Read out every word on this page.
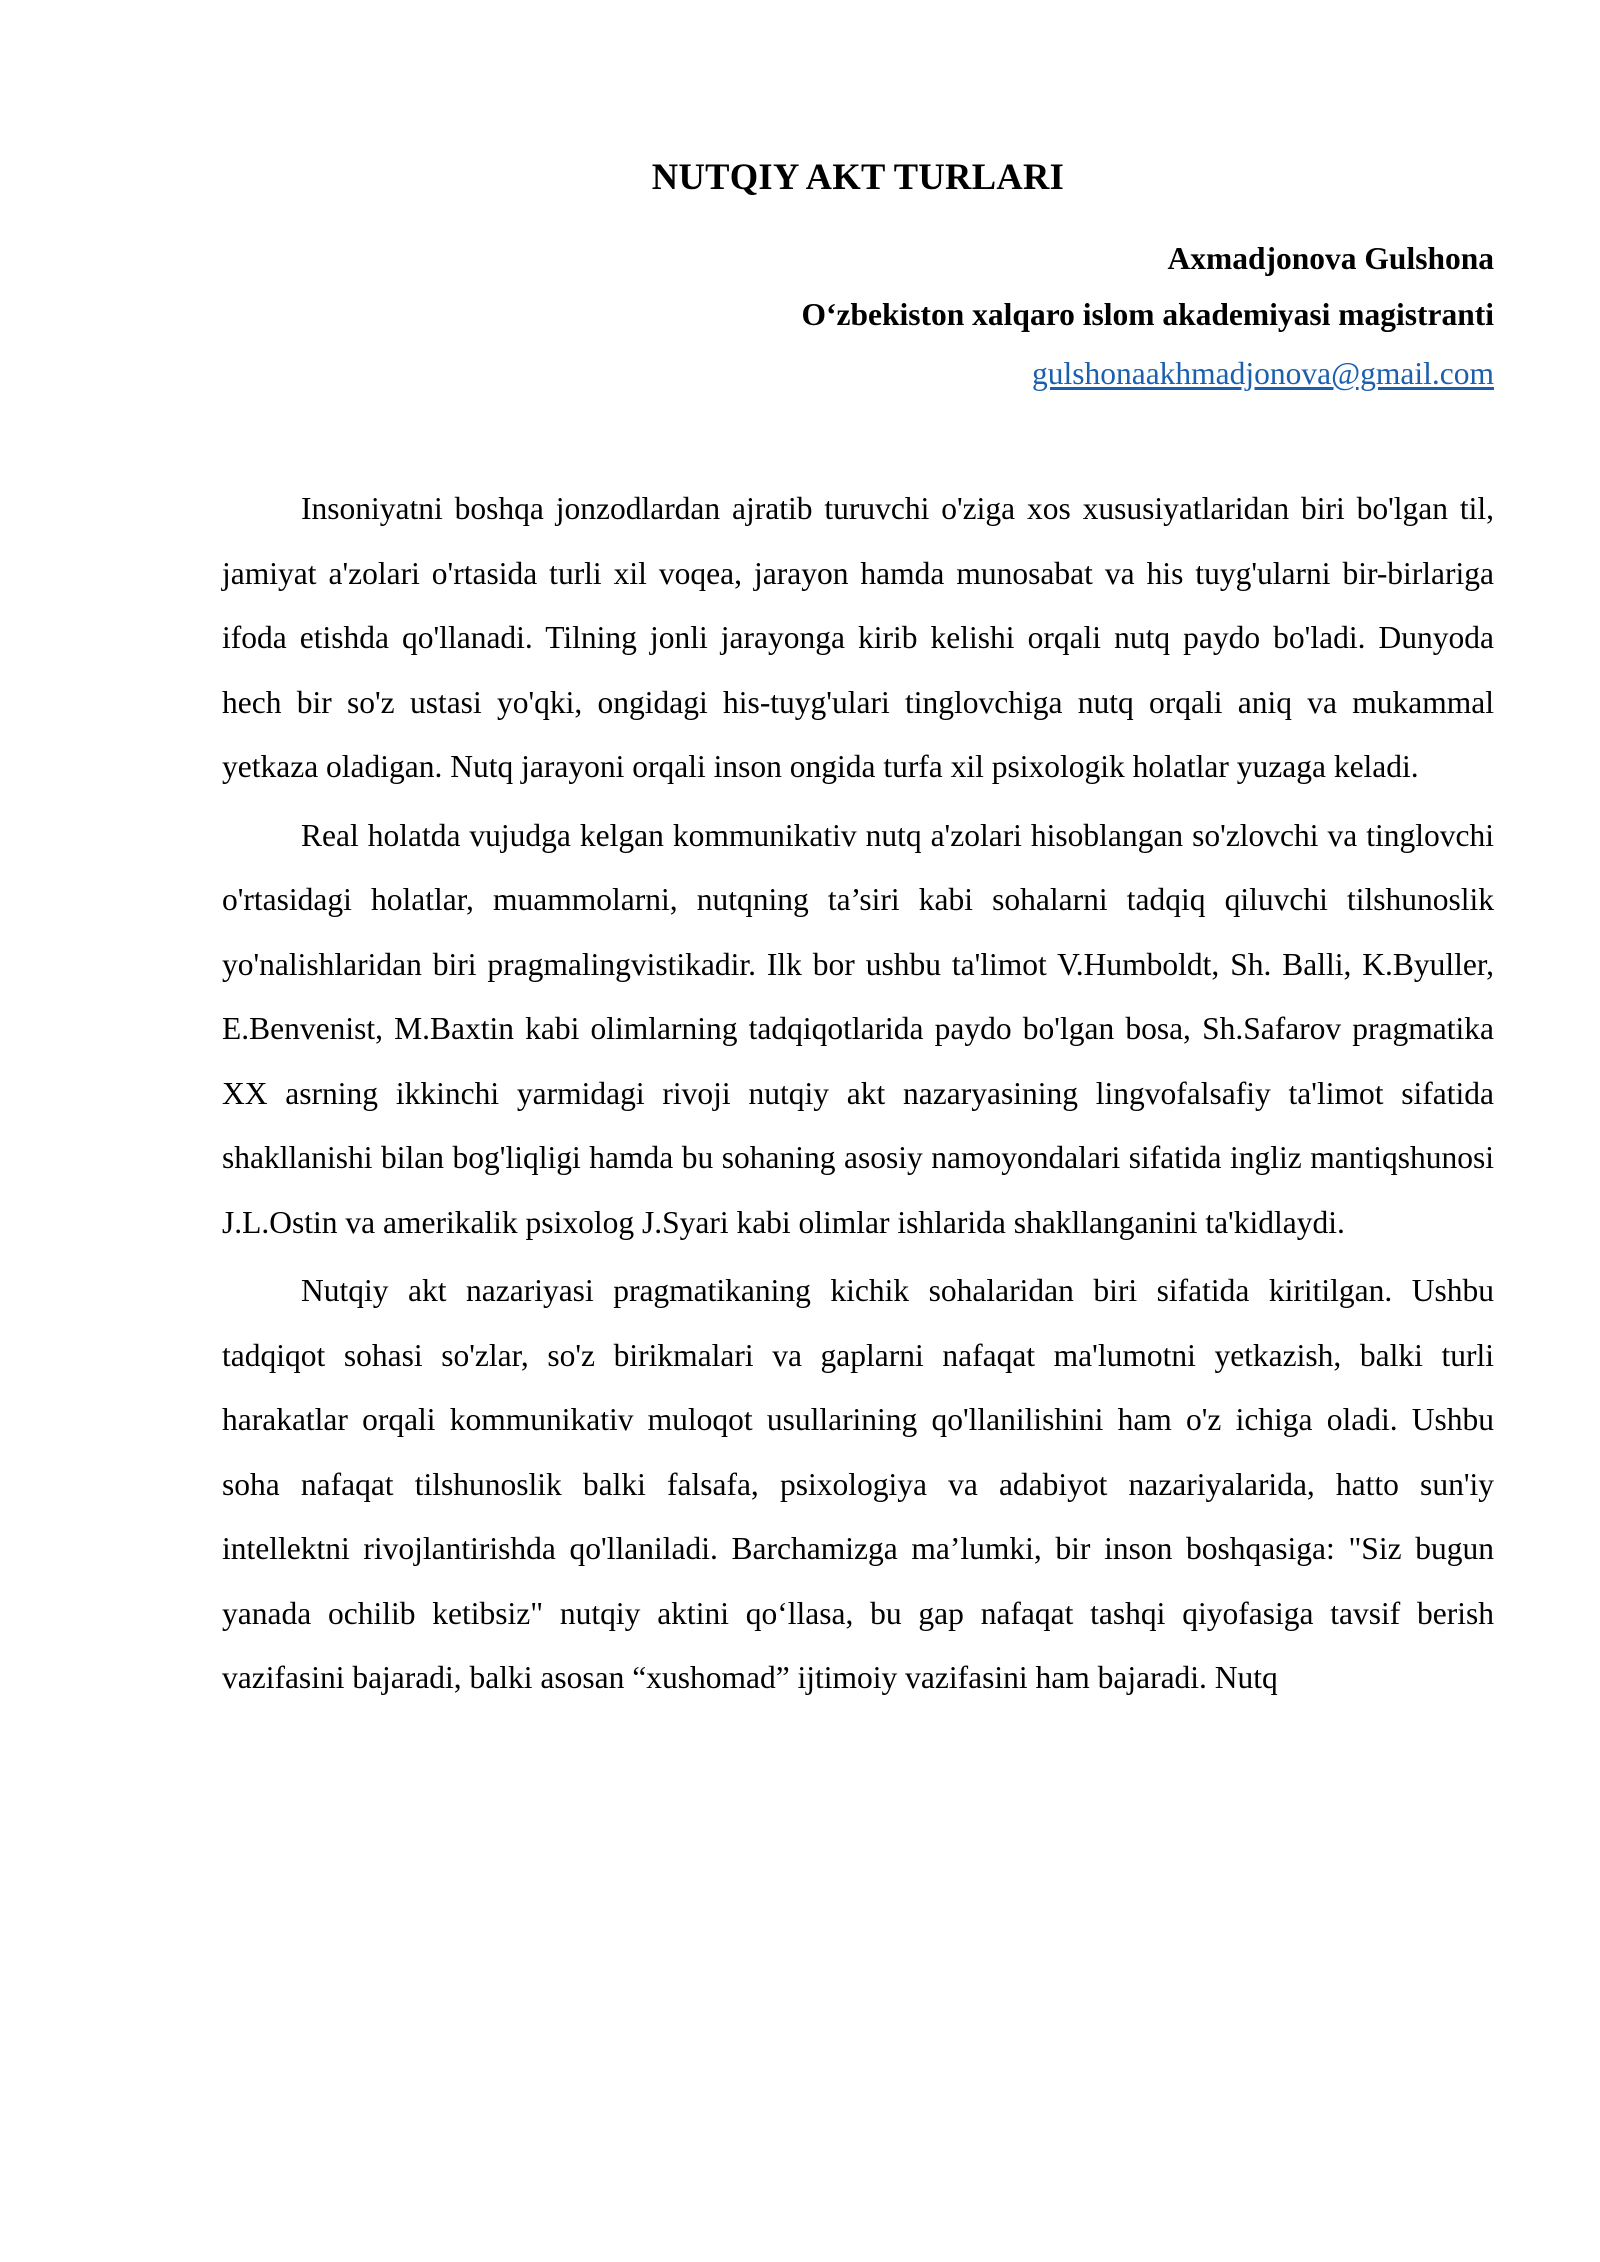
NUTQIY AKT TURLARI
Axmadjonova Gulshona
O‘zbekiston xalqaro islom akademiyasi magistranti
gulshonaakhmadjonova@gmail.com

Insoniyatni boshqa jonzodlardan ajratib turuvchi o'ziga xos xususiyatlaridan biri bo'lgan til, jamiyat a'zolari o'rtasida turli xil voqea, jarayon hamda munosabat va his tuyg'ularni bir-birlariga ifoda etishda qo'llanadi. Tilning jonli jarayonga kirib kelishi orqali nutq paydo bo'ladi. Dunyoda hech bir so'z ustasi yo'qki, ongidagi his-tuyg'ulari tinglovchiga nutq orqali aniq va mukammal yetkaza oladigan. Nutq jarayoni orqali inson ongida turfa xil psixologik holatlar yuzaga keladi.

Real holatda vujudga kelgan kommunikativ nutq a'zolari hisoblangan so'zlovchi va tinglovchi o'rtasidagi holatlar, muammolarni, nutqning ta’siri kabi sohalarni tadqiq qiluvchi tilshunoslik yo'nalishlaridan biri pragmalingvistikadir. Ilk bor ushbu ta'limot V.Humboldt, Sh. Balli, K.Byuller, E.Benvenist, M.Baxtin kabi olimlarning tadqiqotlarida paydo bo'lgan bosa, Sh.Safarov pragmatika XX asrning ikkinchi yarmidagi rivoji nutqiy akt nazaryasining lingvofalsafiy ta'limot sifatida shakllanishi bilan bog'liqligi hamda bu sohaning asosiy namoyondalari sifatida ingliz mantiqshunosi J.L.Ostin va amerikalik psixolog J.Syari kabi olimlar ishlarida shakllanganini ta'kidlaydi.

Nutqiy akt nazariyasi pragmatikaning kichik sohalaridan biri sifatida kiritilgan. Ushbu tadqiqot sohasi so'zlar, so'z birikmalari va gaplarni nafaqat ma'lumotni yetkazish, balki turli harakatlar orqali kommunikativ muloqot usullarining qo'llanilishini ham o'z ichiga oladi. Ushbu soha nafaqat tilshunoslik balki falsafa, psixologiya va adabiyot nazariyalarida, hatto sun'iy intellektni rivojlantirishda qo'llaniladi. Barchamizga ma’lumki, bir inson boshqasiga: "Siz bugun yanada ochilib ketibsiz" nutqiy aktini qo‘llasa, bu gap nafaqat tashqi qiyofasiga tavsif berish vazifasini bajaradi, balki asosan “xushomad” ijtimoiy vazifasini ham bajaradi. Nutq
